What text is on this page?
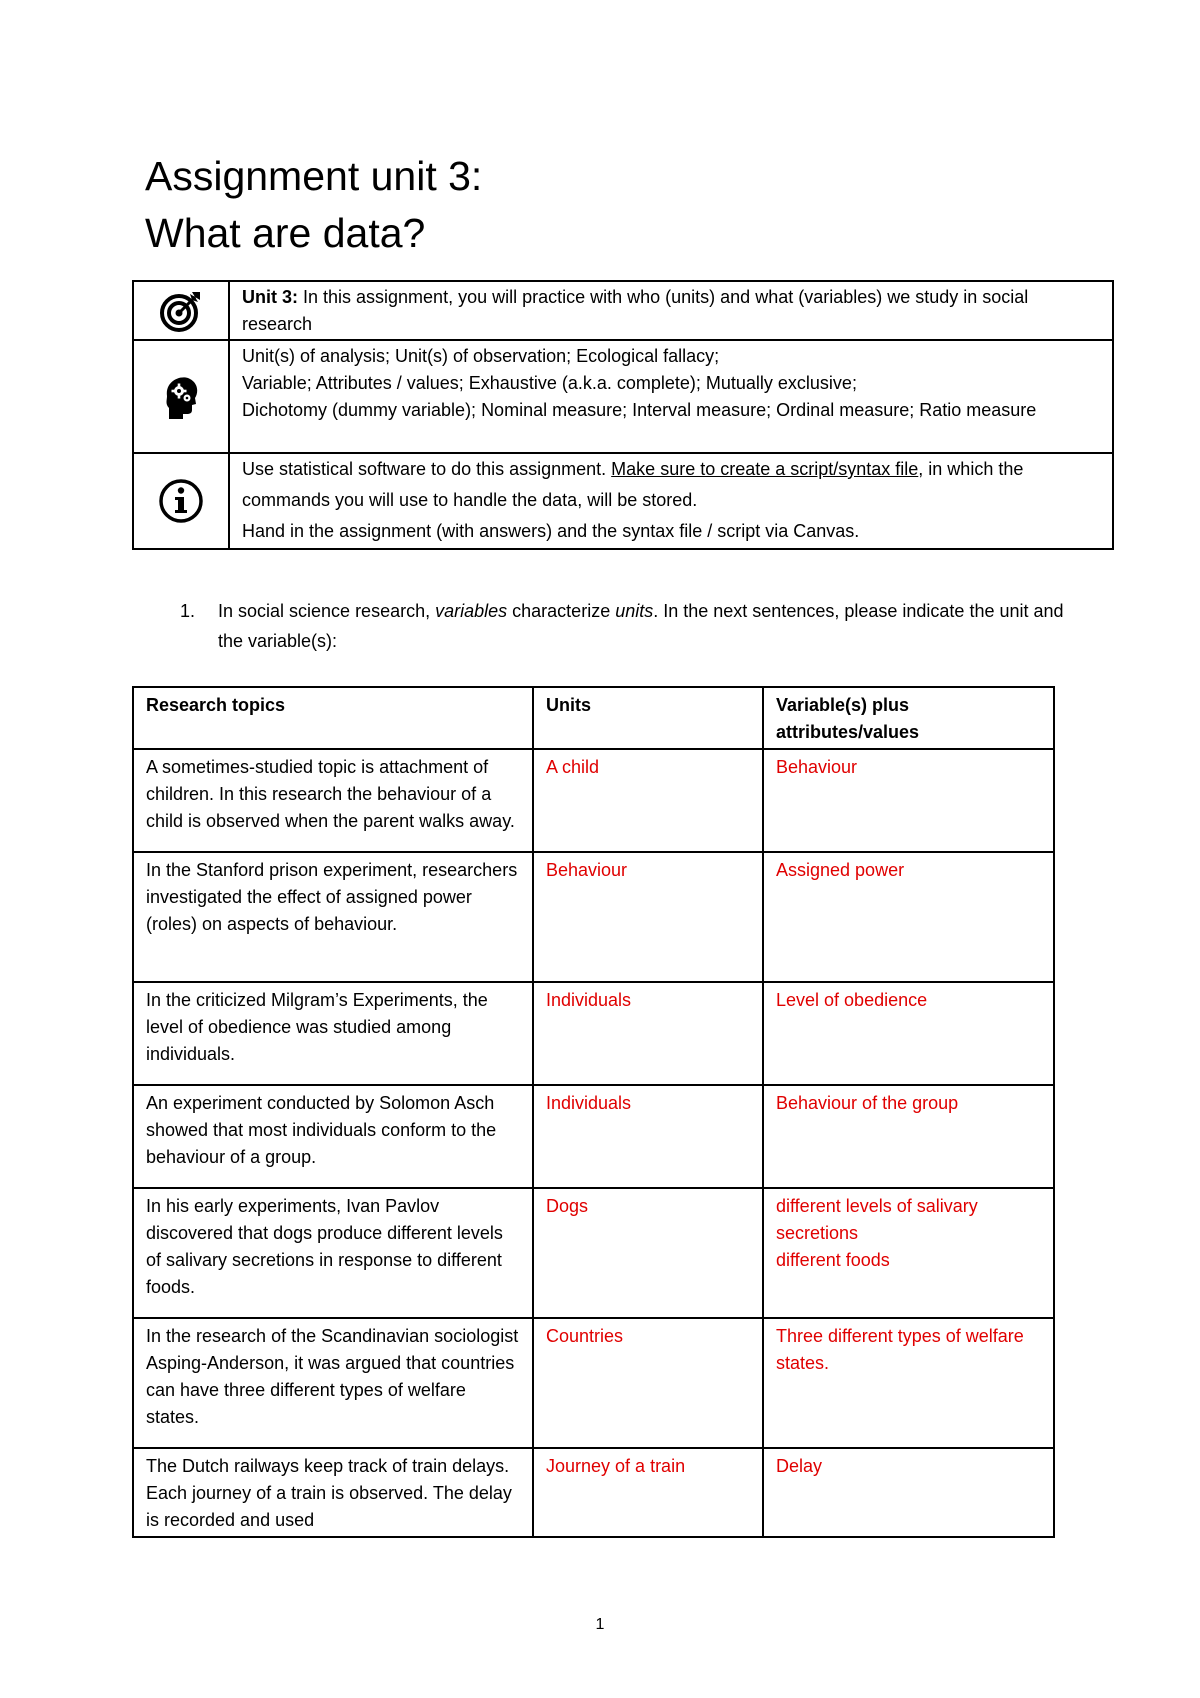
Assignment unit 3:
What are data?
	Unit 3: In this assignment, you will practice with who (units) and what (variables) we study in social research

Unit(s) of analysis; Unit(s) of observation; Ecological fallacy;
Variable; Attributes / values; Exhaustive (a.k.a. complete); Mutually exclusive;
Dichotomy (dummy variable); Nominal measure; Interval measure; Ordinal measure; Ratio measure

Use statistical software to do this assignment. Make sure to create a script/syntax file, in which the commands you will use to handle the data, will be stored.
Hand in the assignment (with answers) and the syntax file / script via Canvas.
1. In social science research, variables characterize units. In the next sentences, please indicate the unit and the variable(s):
Research topics	Units	Variable(s) plus attributes/values
A sometimes-studied topic is attachment of children. In this research the behaviour of a child is observed when the parent walks away.	A child	Behaviour
In the Stanford prison experiment, researchers investigated the effect of assigned power (roles) on aspects of behaviour.	Behaviour	Assigned power
In the criticized Milgram’s Experiments, the level of obedience was studied among individuals.	Individuals	Level of obedience
An experiment conducted by Solomon Asch showed that most individuals conform to the behaviour of a group.	Individuals	Behaviour of the group
In his early experiments, Ivan Pavlov discovered that dogs produce different levels of salivary secretions in response to different foods.	Dogs	different levels of salivary secretions
different foods

In the research of the Scandinavian sociologist Asping-Anderson, it was argued that countries can have three different types of welfare states.	Countries	Three different types of welfare states.
The Dutch railways keep track of train delays. Each journey of a train is observed. The delay is recorded and used	Journey of a train	Delay
1
